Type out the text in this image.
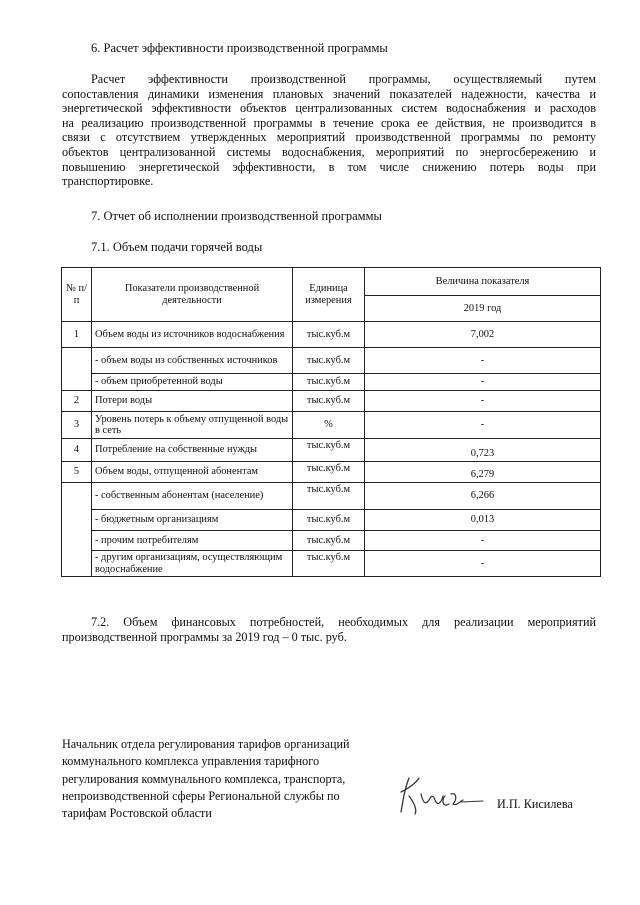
6. Расчет эффективности производственной программы
Расчет эффективности производственной программы, осуществляемый путем
сопоставления динамики изменения плановых значений показателей надежности, качества и
энергетической эффективности объектов централизованных систем водоснабжения и расходов
на реализацию производственной программы в течение срока ее действия, не производится в
связи с отсутствием утвержденных мероприятий производственной программы по ремонту
объектов централизованной системы водоснабжения, мероприятий по энергосбережению и
повышению энергетической эффективности, в том числе снижению потерь воды при
транспортировке.
7. Отчет об исполнении производственной программы
7.1. Объем подачи горячей воды
№ п/п	Показатели производственной деятельности	Единица измерения	Величина показателя
			2019 год
1	Объем воды из источников водоснабжения	тыс.куб.м	7,002
	- объем воды из собственных источников	тыс.куб.м	-
	- объем приобретенной воды	тыс.куб.м	-
2	Потери воды	тыс.куб.м	-
3	Уровень потерь к объему отпущенной воды в сеть	%	-
4	Потребление на собственные нужды	тыс.куб.м	0,723
5	Объем воды, отпущенной абонентам	тыс.куб.м	6,279
	- собственным абонентам (население)	тыс.куб.м	6,266
	- бюджетным организациям	тыс.куб.м	0,013
	- прочим потребителям	тыс.куб.м	-
	- другим организациям, осуществляющим водоснабжение	тыс.куб.м	-
7.2. Объем финансовых потребностей, необходимых для реализации мероприятий
производственной программы за 2019 год – 0 тыс. руб.
Начальник отдела регулирования тарифов организаций
коммунального комплекса управления тарифного
регулирования коммунального комплекса, транспорта,
непроизводственной сферы Региональной службы по
тарифам Ростовской области
И.П. Кисилева
